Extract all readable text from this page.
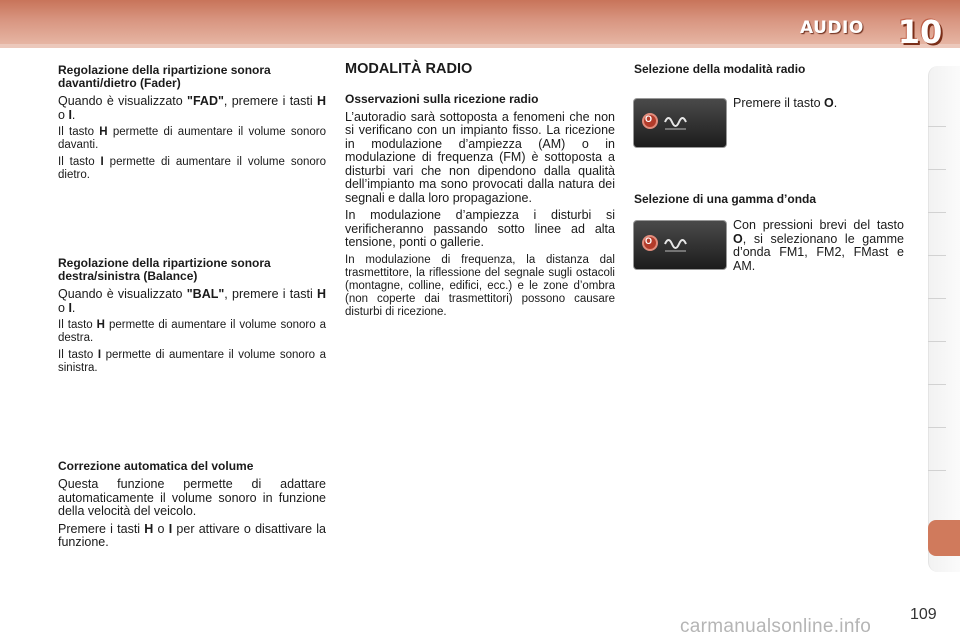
AUDIO 10
Regolazione della ripartizione sonora davanti/dietro (Fader)

Quando è visualizzato "FAD", premere i tasti H o I.

Il tasto H permette di aumentare il volume sonoro davanti.

Il tasto I permette di aumentare il volume sonoro dietro.

Regolazione della ripartizione sonora destra/sinistra (Balance)

Quando è visualizzato "BAL", premere i tasti H o I.

Il tasto H permette di aumentare il volume sonoro a destra.

Il tasto I permette di aumentare il volume sonoro a sinistra.

Correzione automatica del volume

Questa funzione permette di adattare automaticamente il volume sonoro in funzione della velocità del veicolo.

Premere i tasti H o I per attivare o disattivare la funzione.

MODALITÀ RADIO
Osservazioni sulla ricezione radio

L’autoradio sarà sottoposta a fenomeni che non si verificano con un impianto fisso. La ricezione in modulazione d’ampiezza (AM) o in modulazione di frequenza (FM) è sottoposta a disturbi vari che non dipendono dalla qualità dell’impianto ma sono provocati dalla natura dei segnali e dalla loro propagazione.

In modulazione d’ampiezza i disturbi si verificheranno passando sotto linee ad alta tensione, ponti o gallerie.

In modulazione di frequenza, la distanza dal trasmettitore, la riflessione del segnale sugli ostacoli (montagne, colline, edifici, ecc.) e le zone d’ombra (non coperte dai trasmettitori) possono causare disturbi di ricezione.

Selezione della modalità radio
O

Premere il tasto O.

Selezione di una gamma d’onda
O

Con pressioni brevi del tasto O, si selezionano le gamme d’onda FM1, FM2, FMast e AM.

109
carmanualsonline.info
